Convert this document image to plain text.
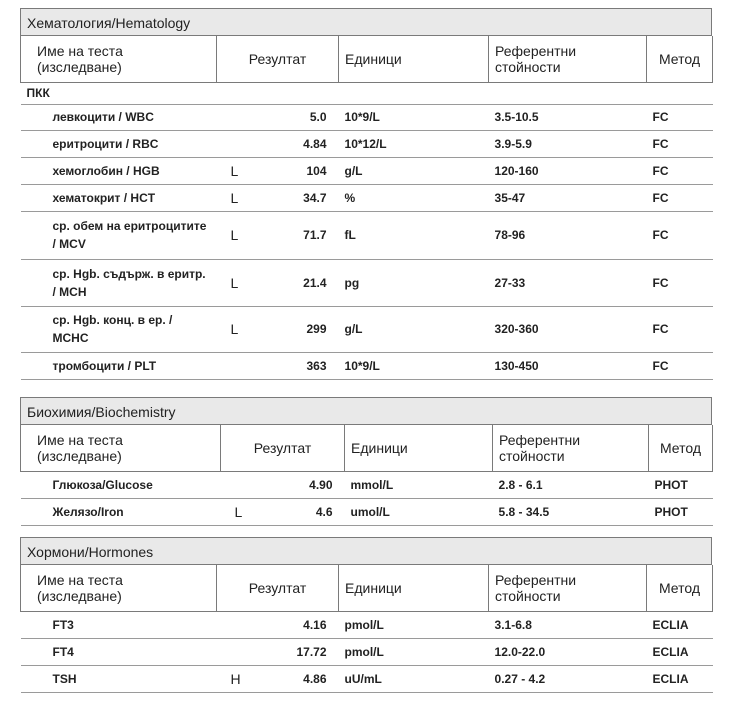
Хематология/Hematology
Име на теста
(изследване)	Резултат		Единици	Референтни
стойности	Метод
ПКК					
левкоцити / WBC		5.0	10*9/L	3.5-10.5	FC
еритроцити / RBC		4.84	10*12/L	3.9-5.9	FC
хемоглобин / HGB	L	104	g/L	120-160	FC
хематокрит / HCT	L	34.7	%	35-47	FC
ср. обем на еритроцитите / MCV	L	71.7	fL	78-96	FC
ср. Hgb. съдърж. в еритр. / MCH	L	21.4	pg	27-33	FC
ср. Hgb. конц. в ер. / MCHC	L	299	g/L	320-360	FC
тромбоцити / PLT		363	10*9/L	130-450	FC
Биохимия/Biochemistry
Име на теста
(изследване)	Резултат		Единици	Референтни
стойности	Метод
Глюкоза/Glucose		4.90	mmol/L	2.8 - 6.1	PHOT
Желязо/Iron	L	4.6	umol/L	5.8 - 34.5	PHOT
Хормони/Hormones
Име на теста
(изследване)	Резултат		Единици	Референтни
стойности	Метод
FT3		4.16	pmol/L	3.1-6.8	ECLIA
FT4		17.72	pmol/L	12.0-22.0	ECLIA
TSH	H	4.86	uU/mL	0.27 - 4.2	ECLIA
